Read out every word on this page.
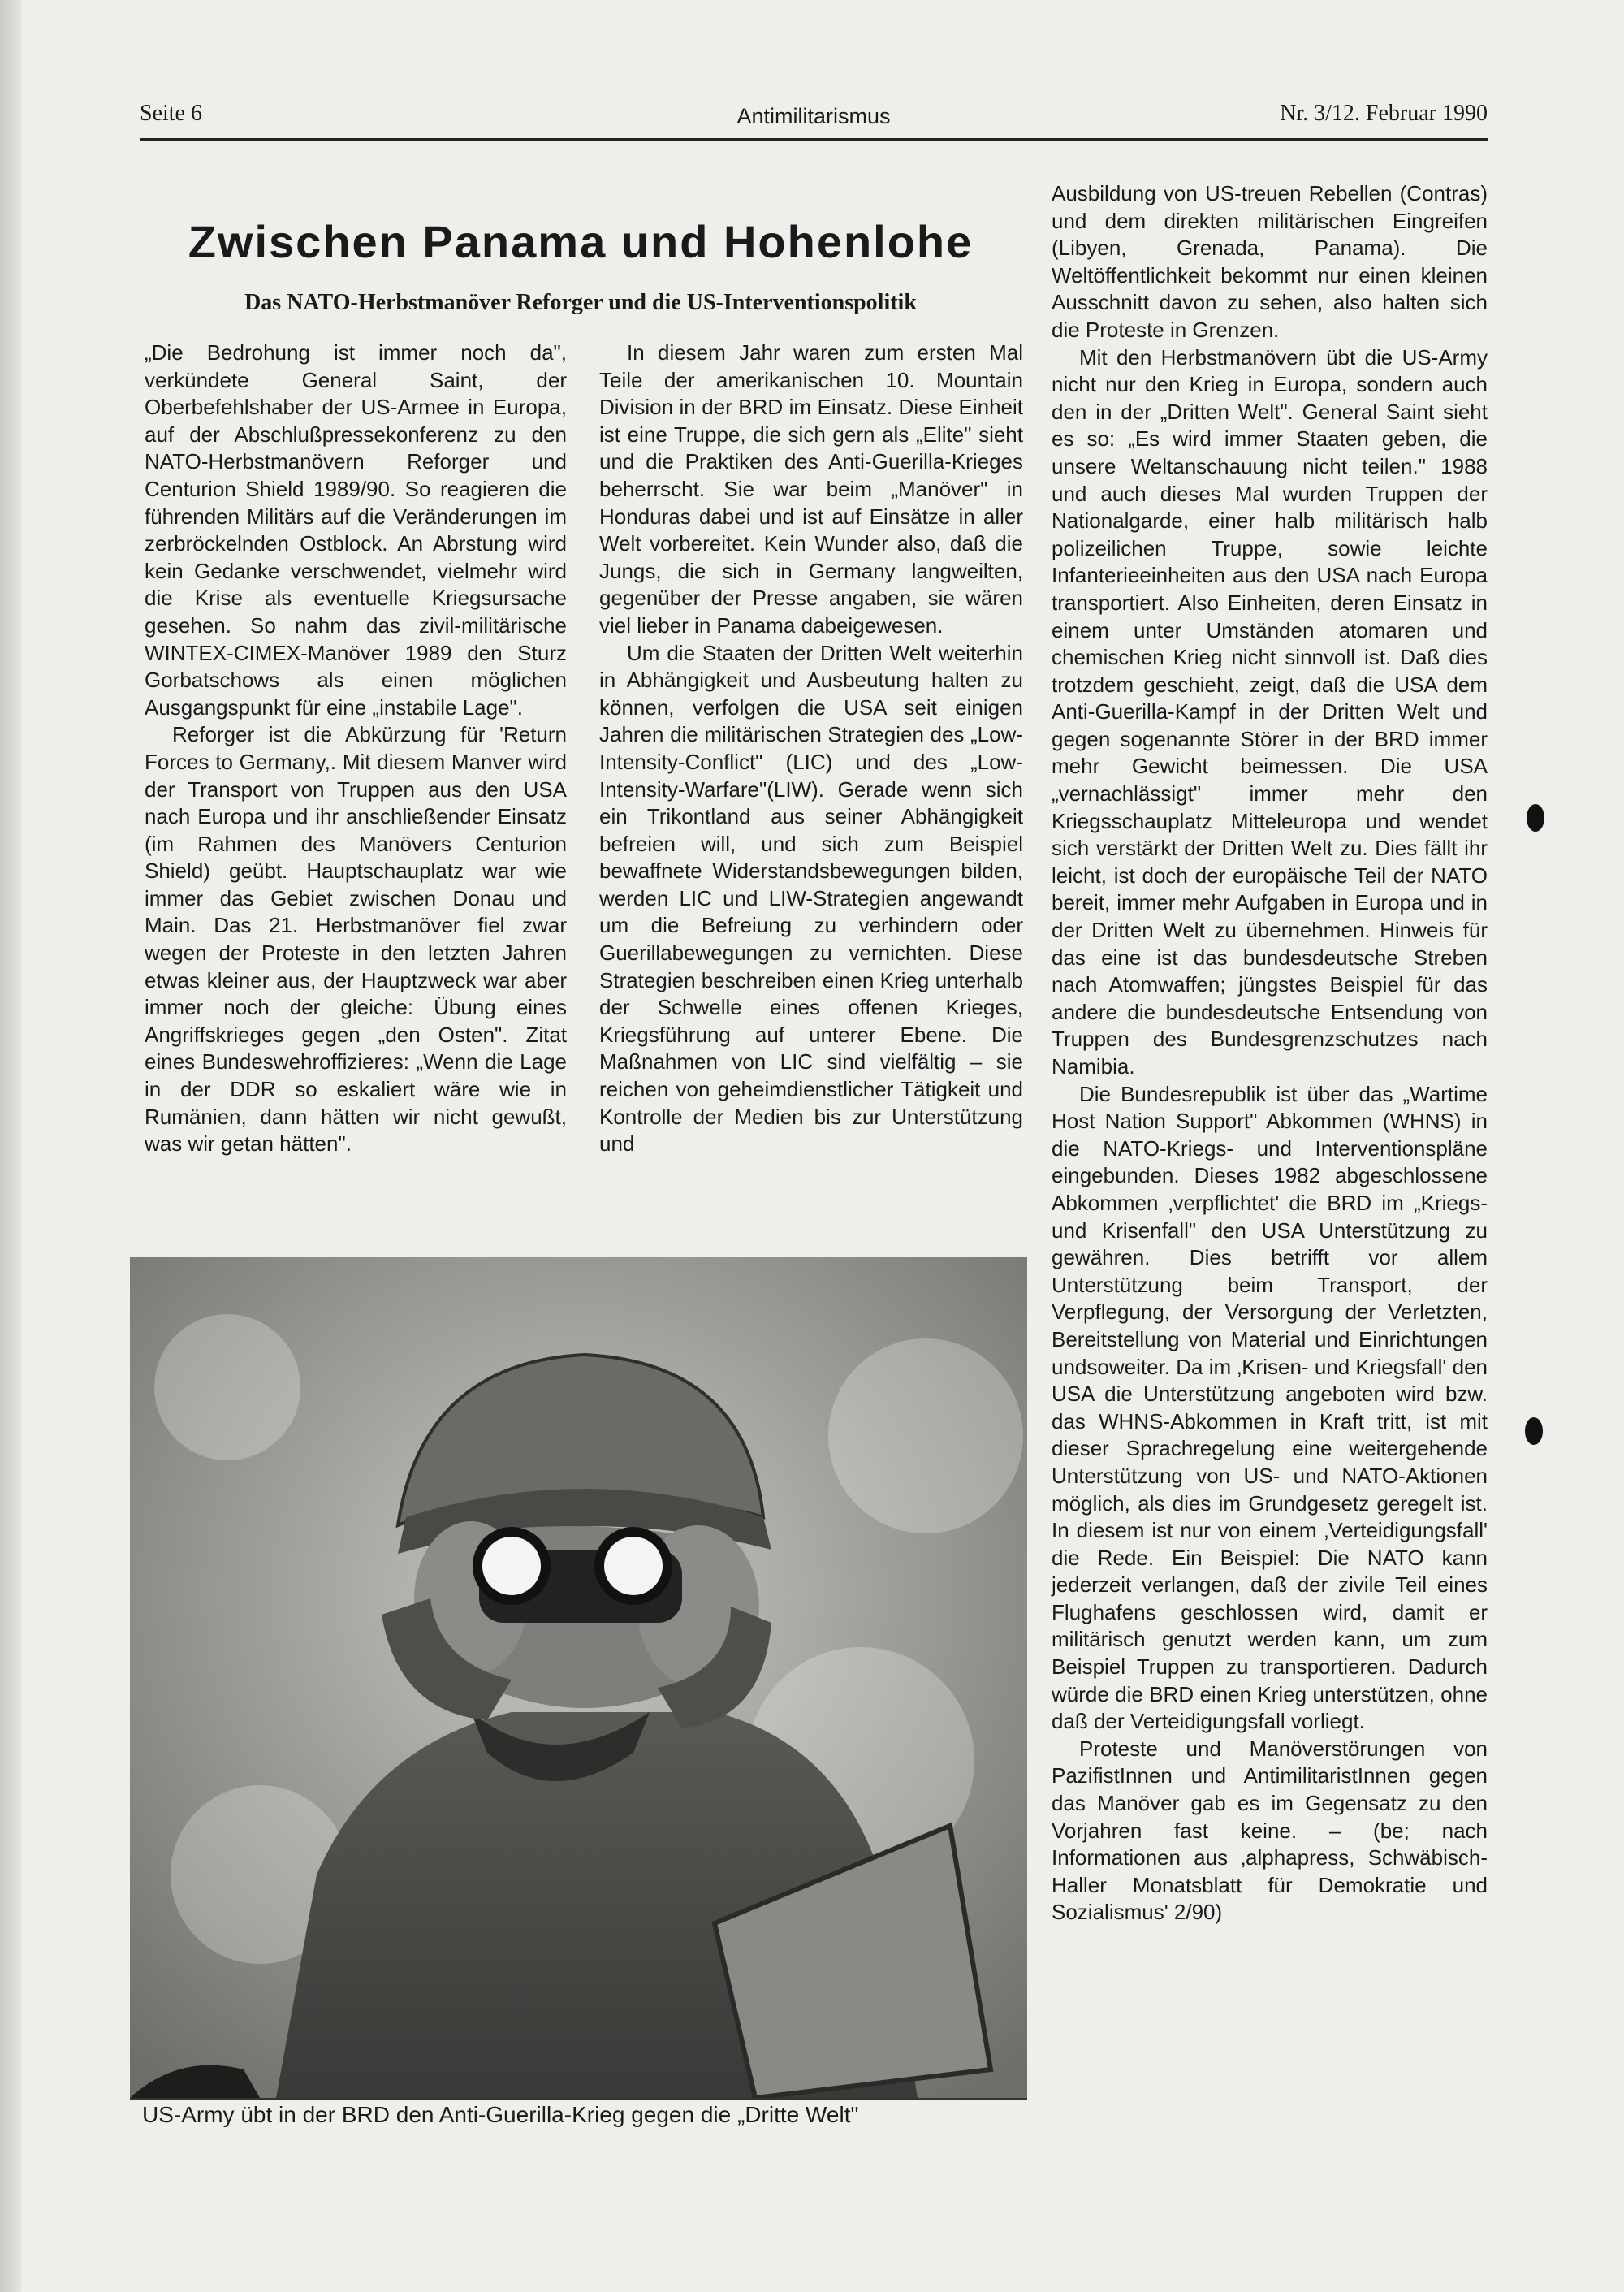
Seite 6	Antimilitarismus	Nr. 3/12. Februar 1990
Zwischen Panama und Hohenlohe
Das NATO-Herbstmanöver Reforger und die US-Interventionspolitik

„Die Bedrohung ist immer noch da", verkündete General Saint, der Oberbefehlshaber der US-Armee in Europa, auf der Abschlußpressekonferenz zu den NATO-Herbstmanövern Reforger und Centurion Shield 1989/90. So reagieren die führenden Militärs auf die Veränderungen im zerbröckelnden Ostblock. An Abrstung wird kein Gedanke verschwendet, vielmehr wird die Krise als eventuelle Kriegsursache gesehen. So nahm das zivil-militärische WINTEX-CIMEX-Manöver 1989 den Sturz Gorbatschows als einen möglichen Ausgangspunkt für eine „instabile Lage".

Reforger ist die Abkürzung für 'Return Forces to Germany,. Mit diesem Manver wird der Transport von Truppen aus den USA nach Europa und ihr anschließender Einsatz (im Rahmen des Manövers Centurion Shield) geübt. Hauptschauplatz war wie immer das Gebiet zwischen Donau und Main. Das 21. Herbstmanöver fiel zwar wegen der Proteste in den letzten Jahren etwas kleiner aus, der Hauptzweck war aber immer noch der gleiche: Übung eines Angriffskrieges gegen „den Osten". Zitat eines Bundeswehroffizieres: „Wenn die Lage in der DDR so eskaliert wäre wie in Rumänien, dann hätten wir nicht gewußt, was wir getan hätten".

In diesem Jahr waren zum ersten Mal Teile der amerikanischen 10. Mountain Division in der BRD im Einsatz. Diese Einheit ist eine Truppe, die sich gern als „Elite" sieht und die Praktiken des Anti-Guerilla-Krieges beherrscht. Sie war beim „Manöver" in Honduras dabei und ist auf Einsätze in aller Welt vorbereitet. Kein Wunder also, daß die Jungs, die sich in Germany langweilten, gegenüber der Presse angaben, sie wären viel lieber in Panama dabeigewesen.

Um die Staaten der Dritten Welt weiterhin in Abhängigkeit und Ausbeutung halten zu können, verfolgen die USA seit einigen Jahren die militärischen Strategien des „Low-Intensity-Conflict" (LIC) und des „Low-Intensity-Warfare"(LIW). Gerade wenn sich ein Trikontland aus seiner Abhängigkeit befreien will, und sich zum Beispiel bewaffnete Widerstandsbewegungen bilden, werden LIC und LIW-Strategien angewandt um die Befreiung zu verhindern oder Guerillabewegungen zu vernichten. Diese Strategien beschreiben einen Krieg unterhalb der Schwelle eines offenen Krieges, Kriegsführung auf unterer Ebene. Die Maßnahmen von LIC sind vielfältig – sie reichen von geheimdienstlicher Tätigkeit und Kontrolle der Medien bis zur Unterstützung und

Ausbildung von US-treuen Rebellen (Contras) und dem direkten militärischen Eingreifen (Libyen, Grenada, Panama). Die Weltöffentlichkeit bekommt nur einen kleinen Ausschnitt davon zu sehen, also halten sich die Proteste in Grenzen.

Mit den Herbstmanövern übt die US-Army nicht nur den Krieg in Europa, sondern auch den in der „Dritten Welt". General Saint sieht es so: „Es wird immer Staaten geben, die unsere Weltanschauung nicht teilen." 1988 und auch dieses Mal wurden Truppen der Nationalgarde, einer halb militärisch halb polizeilichen Truppe, sowie leichte Infanterieeinheiten aus den USA nach Europa transportiert. Also Einheiten, deren Einsatz in einem unter Umständen atomaren und chemischen Krieg nicht sinnvoll ist. Daß dies trotzdem geschieht, zeigt, daß die USA dem Anti-Guerilla-Kampf in der Dritten Welt und gegen sogenannte Störer in der BRD immer mehr Gewicht beimessen. Die USA „vernachlässigt" immer mehr den Kriegsschauplatz Mitteleuropa und wendet sich verstärkt der Dritten Welt zu. Dies fällt ihr leicht, ist doch der europäische Teil der NATO bereit, immer mehr Aufgaben in Europa und in der Dritten Welt zu übernehmen. Hinweis für das eine ist das bundesdeutsche Streben nach Atomwaffen; jüngstes Beispiel für das andere die bundesdeutsche Entsendung von Truppen des Bundesgrenzschutzes nach Namibia.

Die Bundesrepublik ist über das „Wartime Host Nation Support" Abkommen (WHNS) in die NATO-Kriegs- und Interventionspläne eingebunden. Dieses 1982 abgeschlossene Abkommen ‚verpflichtet' die BRD im „Kriegs- und Krisenfall" den USA Unterstützung zu gewähren. Dies betrifft vor allem Unterstützung beim Transport, der Verpflegung, der Versorgung der Verletzten, Bereitstellung von Material und Einrichtungen undsoweiter. Da im ‚Krisen- und Kriegsfall' den USA die Unterstützung angeboten wird bzw. das WHNS-Abkommen in Kraft tritt, ist mit dieser Sprachregelung eine weitergehende Unterstützung von US- und NATO-Aktionen möglich, als dies im Grundgesetz geregelt ist. In diesem ist nur von einem ‚Verteidigungsfall' die Rede. Ein Beispiel: Die NATO kann jederzeit verlangen, daß der zivile Teil eines Flughafens geschlossen wird, damit er militärisch genutzt werden kann, um zum Beispiel Truppen zu transportieren. Dadurch würde die BRD einen Krieg unterstützen, ohne daß der Verteidigungsfall vorliegt.

Proteste und Manöverstörungen von PazifistInnen und AntimilitaristInnen gegen das Manöver gab es im Gegensatz zu den Vorjahren fast keine. – (be; nach Informationen aus ‚alphapress, Schwäbisch-Haller Monatsblatt für Demokratie und Sozialismus' 2/90)

US-Army übt in der BRD den Anti-Guerilla-Krieg gegen die „Dritte Welt"
